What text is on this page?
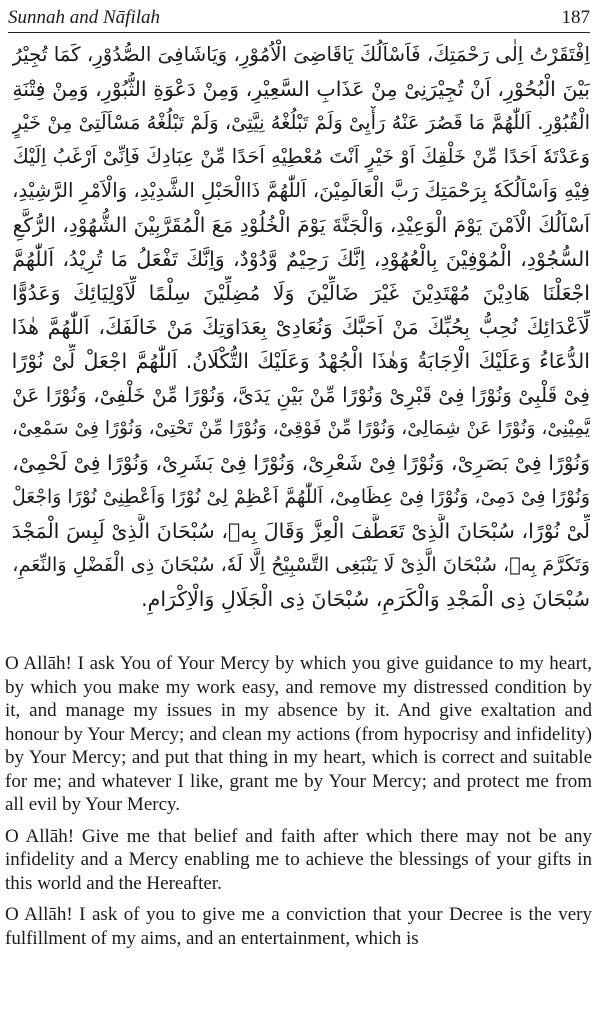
Sunnah and Nāfilah	187
اِفْتَقَرْتُ اِلٰى رَحْمَتِكَ، فَاَسْاَلُكَ يَاقَاضِىَ الْاُمُوْرِ، وَيَاشَافِىَ الصُّدُوْرِ، كَمَا تُجِيْرُ
بَيْنَ الْبُحُوْرِ، اَنْ تُجِيْرَنِىْ مِنْ عَذَابِ السَّعِيْرِ، وَمِنْ دَعْوَةِ الثُّبُوْرِ، وَمِنْ فِتْنَةِ
الْقُبُوْرِ. اَللّٰهُمَّ مَا قَصُرَ عَنْهُ رَأْيِىْ وَلَمْ تَبْلُغْهُ نِيَّتِىْ، وَلَمْ تَبْلُغْهُ مَسْاَلَتِىْ مِنْ خَيْرٍ
وَعَدْتَهٗ اَحَدًا مِّنْ خَلْقِكَ اَوْ خَيْرٍ اَنْتَ مُعْطِيْهِ اَحَدًا مِّنْ عِبَادِكَ فَاِنِّىْ اَرْغَبُ اِلَيْكَ
فِيْهِ وَاَسْاَلُكَهٗ بِرَحْمَتِكَ رَبَّ الْعَالَمِيْنَ، اَللّٰهُمَّ ذَاالْحَبْلِ الشَّدِيْدِ، وَالْاَمْرِ الرَّشِيْدِ،
اَسْاَلُكَ الْاَمْنَ يَوْمَ الْوَعِيْدِ، وَالْجَنَّةَ يَوْمَ الْخُلُوْدِ مَعَ الْمُقَرَّبِيْنَ الشُّهُوْدِ، الرُّكَّعِ
السُّجُوْدِ، الْمُوْفِيْنَ بِالْعُهُوْدِ، اِنَّكَ رَحِيْمٌ وَّدُوْدٌ، وَاِنَّكَ تَفْعَلُ مَا تُرِيْدُ، اَللّٰهُمَّ
اجْعَلْنَا هَادِيْنَ مُهْتَدِيْنَ غَيْرَ ضَالِّيْنَ وَلَا مُضِلِّيْنَ سِلْمًا لِّاَوْلِيَائِكَ وَعَدُوًّا
لِّاَعْدَائِكَ نُحِبُّ بِحُبِّكَ مَنْ اَحَبَّكَ وَنُعَادِىْ بِعَدَاوَتِكَ مَنْ خَالَفَكَ، اَللّٰهُمَّ هٰذَا
الدُّعَاءُ وَعَلَيْكَ الْاِجَابَةُ وَهٰذَا الْجُهْدُ وَعَلَيْكَ التُّكْلَانُ. اَللّٰهُمَّ اجْعَلْ لِّىْ نُوْرًا
فِىْ قَلْبِىْ وَنُوْرًا فِىْ قَبْرِىْ وَنُوْرًا مِّنْ بَيْنِ يَدَىَّ، وَنُوْرًا مِّنْ خَلْفِىْ، وَنُوْرًا عَنْ
يَّمِيْنِىْ، وَنُوْرًا عَنْ شِمَالِىْ، وَنُوْرًا مِّنْ فَوْقِىْ، وَنُوْرًا مِّنْ تَحْتِىْ، وَنُوْرًا فِىْ سَمْعِىْ،
وَنُوْرًا فِىْ بَصَرِىْ، وَنُوْرًا فِىْ شَعْرِىْ، وَنُوْرًا فِىْ بَشَرِىْ، وَنُوْرًا فِىْ لَحْمِىْ،
وَنُوْرًا فِىْ دَمِىْ، وَنُوْرًا فِىْ عِظَامِىْ، اَللّٰهُمَّ اَعْظِمْ لِىْ نُوْرًا وَاَعْطِنِىْ نُوْرًا وَاجْعَلْ
لِّىْ نُوْرًا، سُبْحَانَ الَّذِىْ تَعَطَّفَ الْعِزَّ وَقَالَ بِهٖ، سُبْحَانَ الَّذِىْ لَبِسَ الْمَجْدَ
وَتَكَرَّمَ بِهٖ، سُبْحَانَ الَّذِىْ لَا يَنْبَغِى التَّسْبِيْحُ اِلَّا لَهٗ، سُبْحَانَ ذِى الْفَضْلِ وَالنِّعَمِ،
سُبْحَانَ ذِى الْمَجْدِ وَالْكَرَمِ، سُبْحَانَ ذِى الْجَلَالِ وَالْاِكْرَامِ.

O Allāh! I ask You of Your Mercy by which you give guidance to my heart, by which you make my work easy, and remove my distressed condition by it, and manage my issues in my absence by it. And give exaltation and honour by Your Mercy; and clean my actions (from hypocrisy and infidelity) by Your Mercy; and put that thing in my heart, which is correct and suitable for me; and whatever I like, grant me by Your Mercy; and protect me from all evil by Your Mercy.

O Allāh! Give me that belief and faith after which there may not be any infidelity and a Mercy enabling me to achieve the blessings of your gifts in this world and the Hereafter.

O Allāh! I ask of you to give me a conviction that your Decree is the very fulfillment of my aims, and an entertainment, which is
